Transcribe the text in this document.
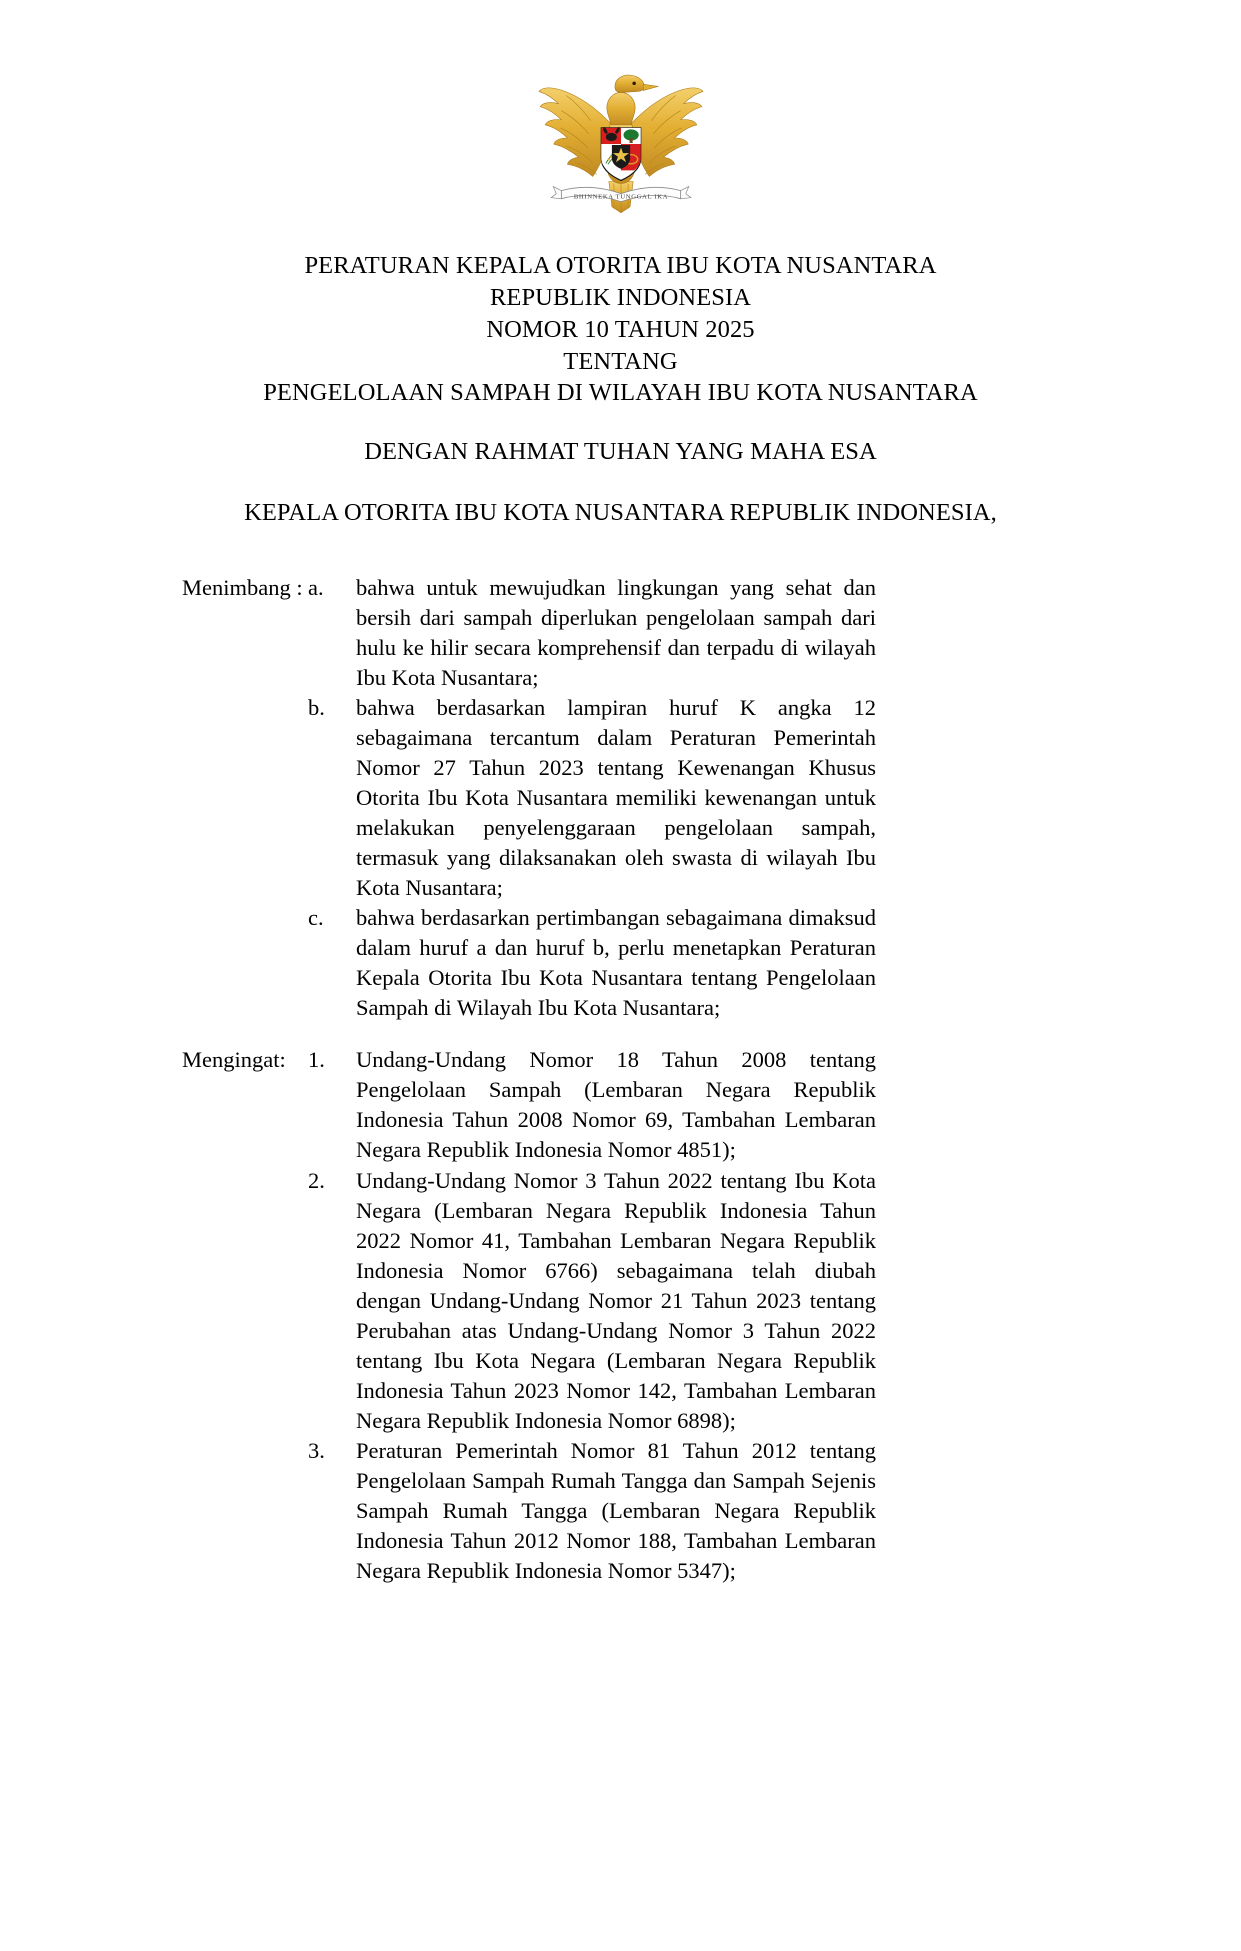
BHINNEKA TUNGGAL IKA
PERATURAN KEPALA OTORITA IBU KOTA NUSANTARA
REPUBLIK INDONESIA
NOMOR 10 TAHUN 2025
TENTANG
PENGELOLAAN SAMPAH DI WILAYAH IBU KOTA NUSANTARA
DENGAN RAHMAT TUHAN YANG MAHA ESA
KEPALA OTORITA IBU KOTA NUSANTARA REPUBLIK INDONESIA,
Menimbang : a.	bahwa untuk mewujudkan lingkungan yang sehat dan bersih dari sampah diperlukan pengelolaan sampah dari hulu ke hilir secara komprehensif dan terpadu di wilayah Ibu Kota Nusantara;
b.	bahwa berdasarkan lampiran huruf K angka 12 sebagaimana tercantum dalam Peraturan Pemerintah Nomor 27 Tahun 2023 tentang Kewenangan Khusus Otorita Ibu Kota Nusantara memiliki kewenangan untuk melakukan penyelenggaraan pengelolaan sampah, termasuk yang dilaksanakan oleh swasta di wilayah Ibu Kota Nusantara;
c.	bahwa berdasarkan pertimbangan sebagaimana dimaksud dalam huruf a dan huruf b, perlu menetapkan Peraturan Kepala Otorita Ibu Kota Nusantara tentang Pengelolaan Sampah di Wilayah Ibu Kota Nusantara;
Mengingat: 1.	Undang-Undang Nomor 18 Tahun 2008 tentang Pengelolaan Sampah (Lembaran Negara Republik Indonesia Tahun 2008 Nomor 69, Tambahan Lembaran Negara Republik Indonesia Nomor 4851);
2.	Undang-Undang Nomor 3 Tahun 2022 tentang Ibu Kota Negara (Lembaran Negara Republik Indonesia Tahun 2022 Nomor 41, Tambahan Lembaran Negara Republik Indonesia Nomor 6766) sebagaimana telah diubah dengan Undang-Undang Nomor 21 Tahun 2023 tentang Perubahan atas Undang-Undang Nomor 3 Tahun 2022 tentang Ibu Kota Negara (Lembaran Negara Republik Indonesia Tahun 2023 Nomor 142, Tambahan Lembaran Negara Republik Indonesia Nomor 6898);
3.	Peraturan Pemerintah Nomor 81 Tahun 2012 tentang Pengelolaan Sampah Rumah Tangga dan Sampah Sejenis Sampah Rumah Tangga (Lembaran Negara Republik Indonesia Tahun 2012 Nomor 188, Tambahan Lembaran Negara Republik Indonesia Nomor 5347);
